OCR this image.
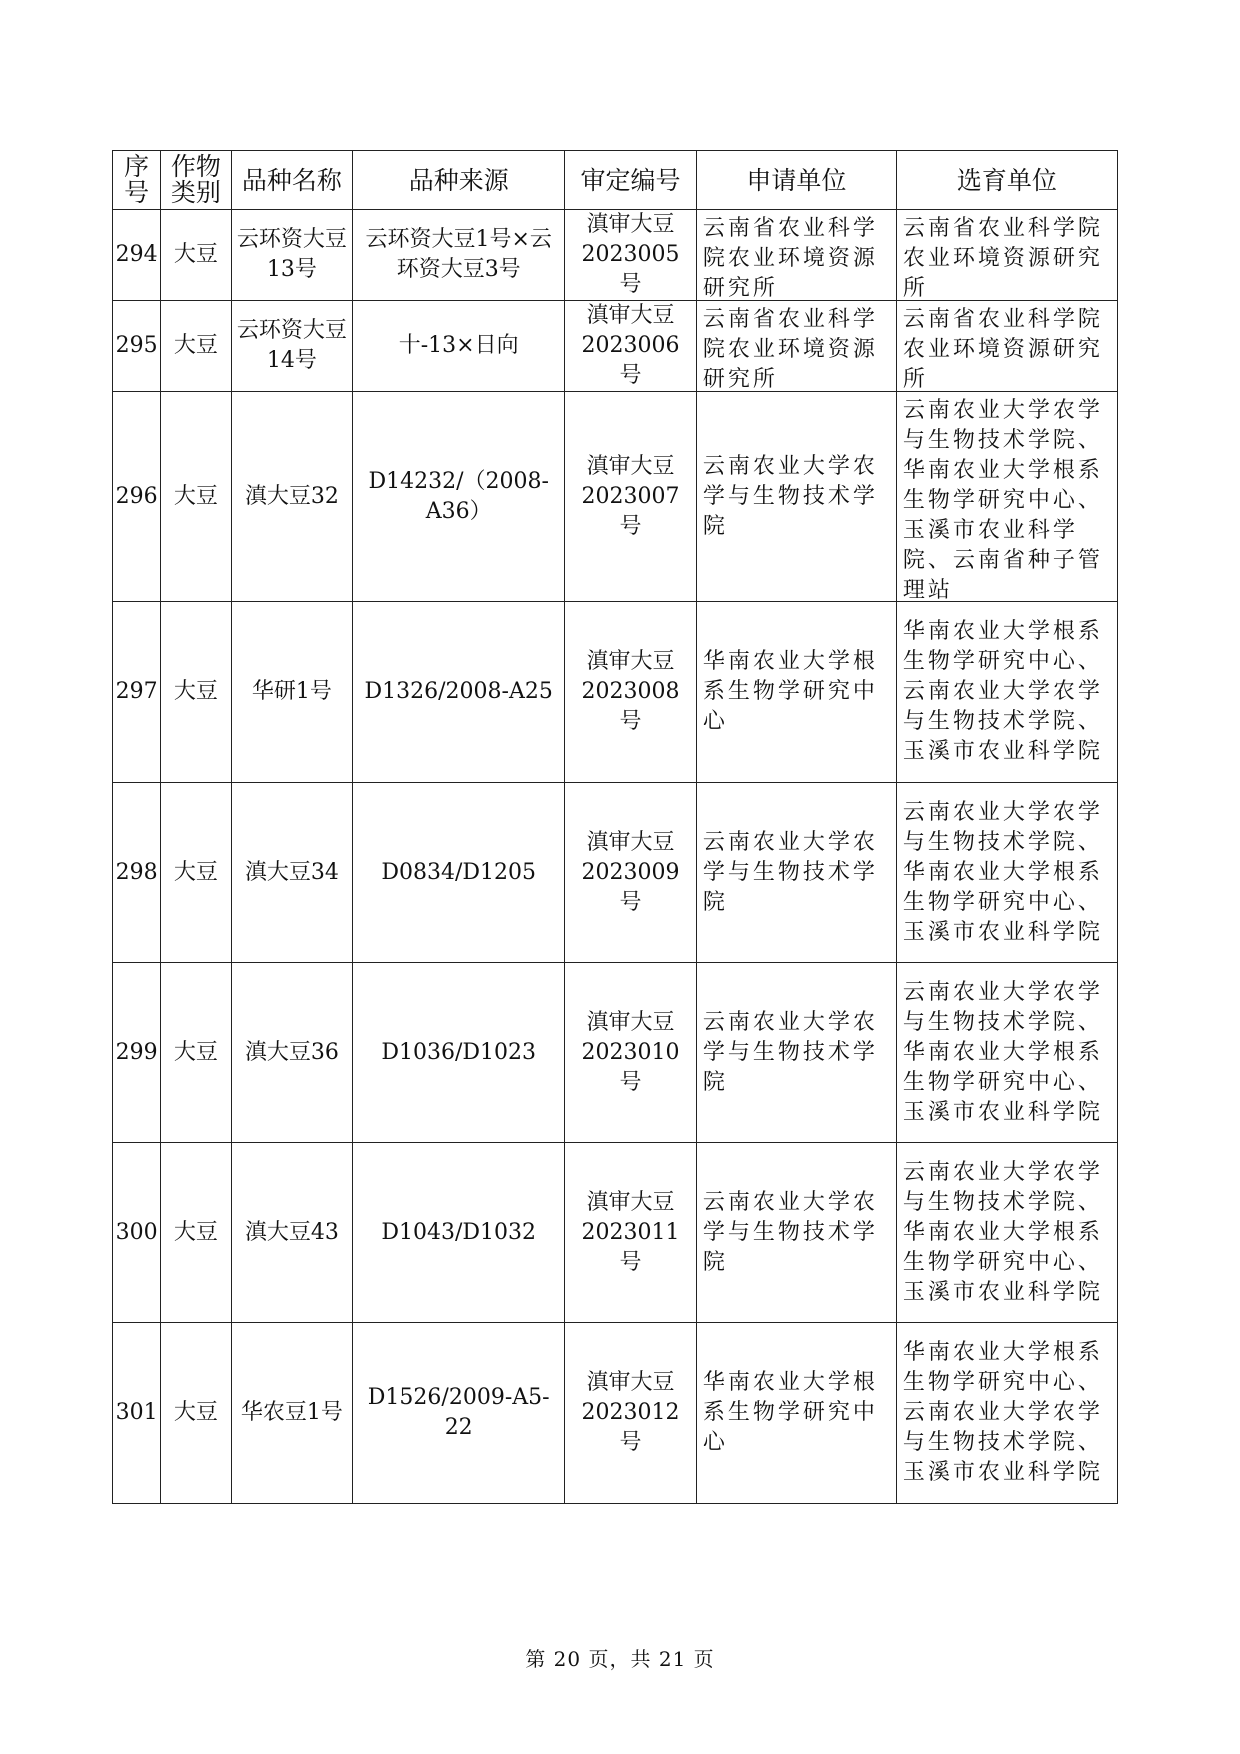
序号	作物类别	品种名称	品种来源	审定编号	申请单位	选育单位
294	大豆	云环资大豆13号	云环资大豆1号×云环资大豆3号	滇审大豆2023005号	云南省农业科学院农业环境资源研究所	云南省农业科学院农业环境资源研究所

295	大豆	云环资大豆14号	十-13×日向	滇审大豆2023006号	云南省农业科学院农业环境资源研究所	云南省农业科学院农业环境资源研究所

296	大豆	滇大豆32	D14232/（2008-A36）	滇审大豆2023007号	云南农业大学农学与生物技术学院	云南农业大学农学与生物技术学院、华南农业大学根系生物学研究中心、玉溪市农业科学院、云南省种子管理站

297	大豆	华研1号	D1326/2008-A25	滇审大豆2023008号	华南农业大学根系生物学研究中心	华南农业大学根系生物学研究中心、云南农业大学农学与生物技术学院、玉溪市农业科学院
298	大豆	滇大豆34	D0834/D1205	滇审大豆2023009号	云南农业大学农学与生物技术学院	云南农业大学农学与生物技术学院、华南农业大学根系生物学研究中心、玉溪市农业科学院
299	大豆	滇大豆36	D1036/D1023	滇审大豆2023010号	云南农业大学农学与生物技术学院	云南农业大学农学与生物技术学院、华南农业大学根系生物学研究中心、玉溪市农业科学院
300	大豆	滇大豆43	D1043/D1032	滇审大豆2023011号	云南农业大学农学与生物技术学院	云南农业大学农学与生物技术学院、华南农业大学根系生物学研究中心、玉溪市农业科学院
301	大豆	华农豆1号	D1526/2009-A5-22	滇审大豆2023012号	华南农业大学根系生物学研究中心	华南农业大学根系生物学研究中心、云南农业大学农学与生物技术学院、玉溪市农业科学院
第 20 页，共 21 页
